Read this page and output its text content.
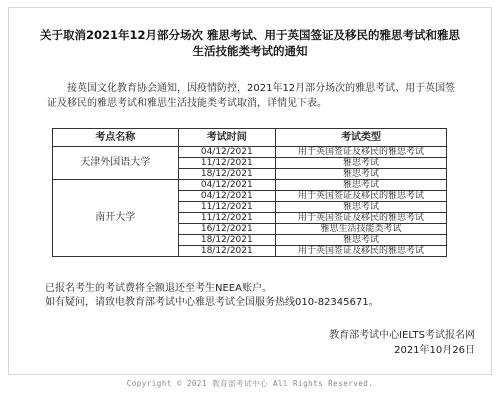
关于取消2021年12月部分场次 雅思考试、用于英国签证及移民的雅思考试和雅思生活技能类考试的通知
接英国文化教育协会通知，因疫情防控，2021年12月部分场次的雅思考试、用于英国签证及移民的雅思考试和雅思生活技能类考试取消，详情见下表。
考点名称	考试时间	考试类型
天津外国语大学	04/12/2021	用于英国签证及移民的雅思考试
	11/12/2021	雅思考试
	18/12/2021	雅思考试
南开大学	04/12/2021	雅思考试
	04/12/2021	用于英国签证及移民的雅思考试
	11/12/2021	雅思考试
	11/12/2021	用于英国签证及移民的雅思考试
	16/12/2021	雅思生活技能类考试
	18/12/2021	雅思考试
	18/12/2021	用于英国签证及移民的雅思考试
已报名考生的考试费将全额退还至考生NEEA账户。
如有疑问，请致电教育部考试中心雅思考试全国服务热线010-82345671。
教育部考试中心IELTS考试报名网
2021年10月26日
Copyright © 2021 教育部考试中心 All Rights Reserved.
